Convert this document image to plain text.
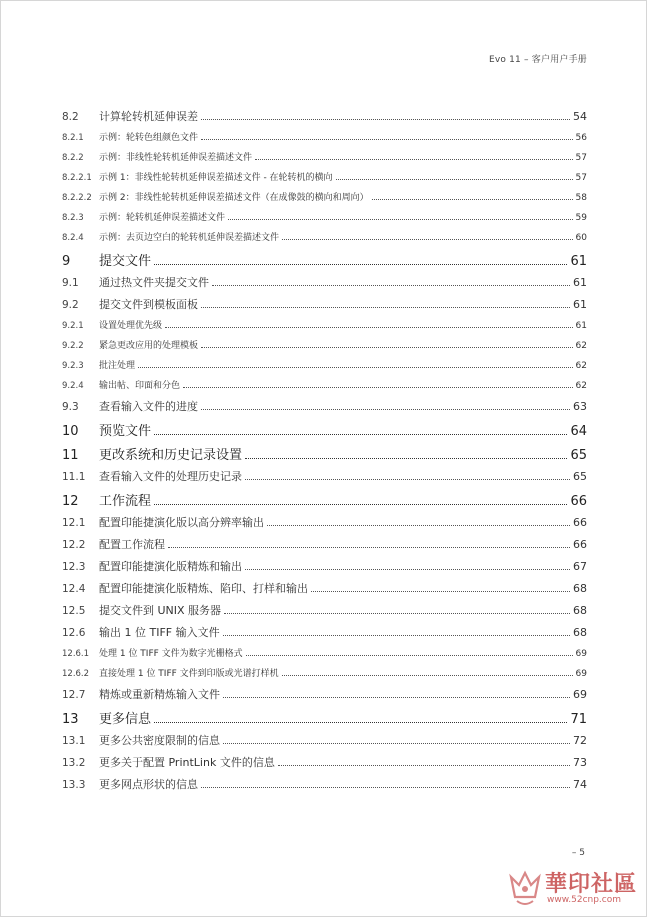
Evo 11 – 客户用户手册
8.2	计算轮转机延伸误差	54
8.2.1	示例：轮转色组颜色文件	56
8.2.2	示例：非线性轮转机延伸误差描述文件	57
8.2.2.1 示例 1：非线性轮转机延伸误差描述文件 - 在轮转机的横向	57
8.2.2.2 示例 2：非线性轮转机延伸误差描述文件（在成像鼓的横向和周向）	58
8.2.3	示例：轮转机延伸误差描述文件	59
8.2.4	示例：去页边空白的轮转机延伸误差描述文件	60
9	提交文件	61
9.1	通过热文件夹提交文件	61
9.2	提交文件到模板面板	61
9.2.1	设置处理优先级	61
9.2.2	紧急更改应用的处理模板	62
9.2.3	批注处理	62
9.2.4	输出帖、印面和分色	62
9.3	查看输入文件的进度	63
10	预览文件	64
11	更改系统和历史记录设置	65
11.1	查看输入文件的处理历史记录	65
12	工作流程	66
12.1	配置印能捷演化版以高分辨率输出	66
12.2	配置工作流程	66
12.3	配置印能捷演化版精炼和输出	67
12.4	配置印能捷演化版精炼、陷印、打样和输出	68
12.5	提交文件到 UNIX 服务器	68
12.6	输出 1 位 TIFF 输入文件	68
12.6.1	处理 1 位 TIFF 文件为数字光栅格式	69
12.6.2	直接处理 1 位 TIFF 文件到印版或光谱打样机	69
12.7	精炼或重新精炼输入文件	69
13	更多信息	71
13.1	更多公共密度限制的信息	72
13.2	更多关于配置 PrintLink 文件的信息	73
13.3	更多网点形状的信息	74
– 5
華印社區
www.52cnp.com
